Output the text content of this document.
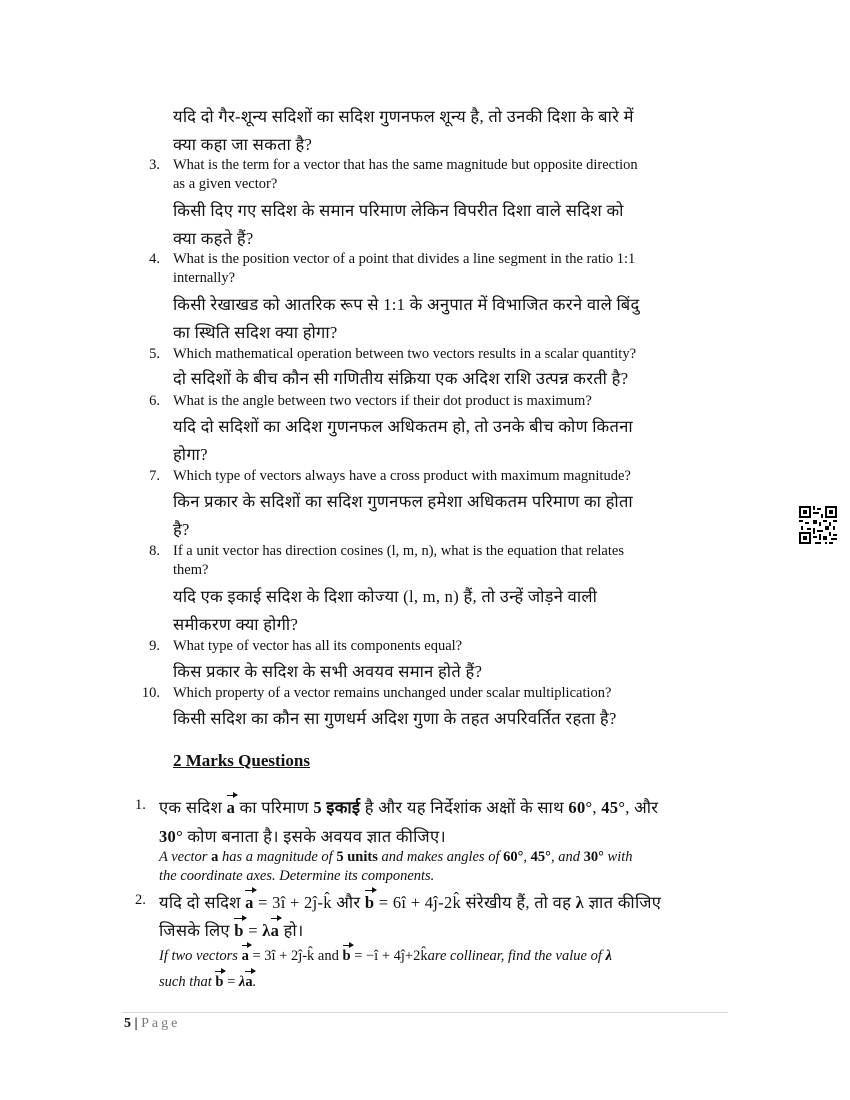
यदि दो गैर-शून्य सदिशों का सदिश गुणनफल शून्य है, तो उनकी दिशा के बारे में
क्या कहा जा सकता है?
3. What is the term for a vector that has the same magnitude but opposite direction
as a given vector?
किसी दिए गए सदिश के समान परिमाण लेकिन विपरीत दिशा वाले सदिश को
क्या कहते हैं?
4. What is the position vector of a point that divides a line segment in the ratio 1:1
internally?
किसी रेखाखड को आतरिक रूप से 1:1 के अनुपात में विभाजित करने वाले बिंदु
का स्थिति सदिश क्या होगा?
5. Which mathematical operation between two vectors results in a scalar quantity?
दो सदिशों के बीच कौन सी गणितीय संक्रिया एक अदिश राशि उत्पन्न करती है?
6. What is the angle between two vectors if their dot product is maximum?
यदि दो सदिशों का अदिश गुणनफल अधिकतम हो, तो उनके बीच कोण कितना
होगा?
7. Which type of vectors always have a cross product with maximum magnitude?
किन प्रकार के सदिशों का सदिश गुणनफल हमेशा अधिकतम परिमाण का होता
है?
8. If a unit vector has direction cosines (l, m, n), what is the equation that relates
them?
यदि एक इकाई सदिश के दिशा कोज्या (l, m, n) हैं, तो उन्हें जोड़ने वाली
समीकरण क्या होगी?
9. What type of vector has all its components equal?
किस प्रकार के सदिश के सभी अवयव समान होते हैं?
10. Which property of a vector remains unchanged under scalar multiplication?
किसी सदिश का कौन सा गुणधर्म अदिश गुणा के तहत अपरिवर्तित रहता है?
2 Marks Questions
1. एक सदिश a का परिमाण 5 इकाई है और यह निर्देशांक अक्षों के साथ 60°, 45°, और
30° कोण बनाता है। इसके अवयव ज्ञात कीजिए।
A vector a has a magnitude of 5 units and makes angles of 60°, 45°, and 30° with
the coordinate axes. Determine its components.
2. यदि दो सदिश a = 3î + 2ĵ-k̂ और b = 6î + 4ĵ-2k̂ संरेखीय हैं, तो वह λ ज्ञात कीजिए
जिसके लिए b = λa हो।
If two vectors a = 3î + 2ĵ-k̂ and b = −î + 4ĵ+2k̂are collinear, find the value of λ
such that b = λa.
5 | Page
